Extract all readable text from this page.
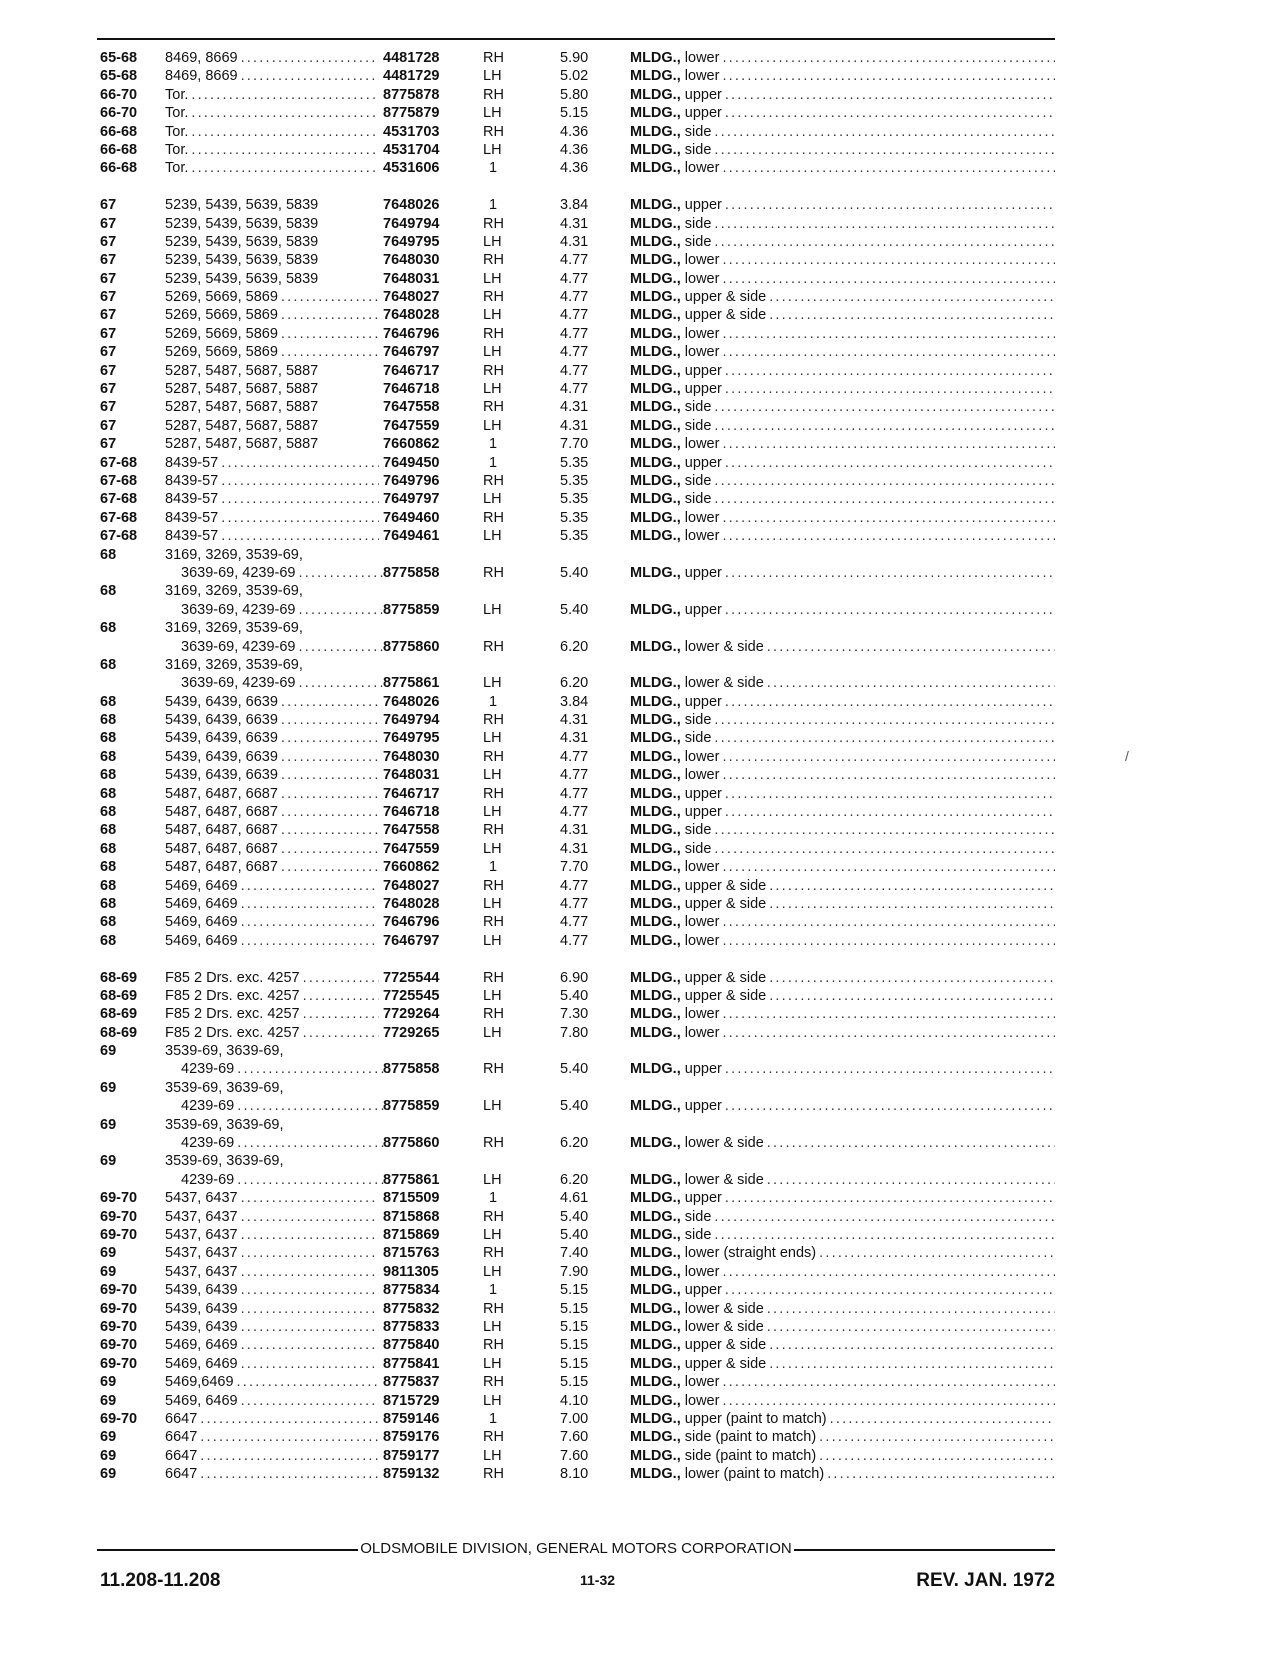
65-68	8469, 8669 .....	4481728	RH	5.90	MLDG., lower
.....
65-68	8469, 8669 .....	4481729	LH	5.02	MLDG., lower
.....
66-70	Tor. .....	8775878	RH	5.80	MLDG., upper
.....
66-70	Tor. .....	8775879	LH	5.15	MLDG., upper
.....
66-68	Tor. .....	4531703	RH	4.36	MLDG., side
.....
66-68	Tor. .....	4531704	LH	4.36	MLDG., side
.....
66-68	Tor. .....	4531606	1	4.36	MLDG., lower
.....
67	5239, 5439, 5639, 5839	7648026	1	3.84	MLDG., upper
.....
67	5239, 5439, 5639, 5839	7649794	RH	4.31	MLDG., side
.....
67	5239, 5439, 5639, 5839	7649795	LH	4.31	MLDG., side
.....
67	5239, 5439, 5639, 5839	7648030	RH	4.77	MLDG., lower
.....
67	5239, 5439, 5639, 5839	7648031	LH	4.77	MLDG., lower
.....
67	5269, 5669, 5869 .....	7648027	RH	4.77	MLDG., upper & side
.....
67	5269, 5669, 5869 .....	7648028	LH	4.77	MLDG., upper & side
.....
67	5269, 5669, 5869 .....	7646796	RH	4.77	MLDG., lower
.....
67	5269, 5669, 5869 .....	7646797	LH	4.77	MLDG., lower
.....
67	5287, 5487, 5687, 5887	7646717	RH	4.77	MLDG., upper
.....
67	5287, 5487, 5687, 5887	7646718	LH	4.77	MLDG., upper
.....
67	5287, 5487, 5687, 5887	7647558	RH	4.31	MLDG., side
.....
67	5287, 5487, 5687, 5887	7647559	LH	4.31	MLDG., side
.....
67	5287, 5487, 5687, 5887	7660862	1	7.70	MLDG., lower
.....
67-68	8439-57 .....	7649450	1	5.35	MLDG., upper
.....
67-68	8439-57 .....	7649796	RH	5.35	MLDG., side
.....
67-68	8439-57 .....	7649797	LH	5.35	MLDG., side
.....
67-68	8439-57 .....	7649460	RH	5.35	MLDG., lower
.....
67-68	8439-57 .....	7649461	LH	5.35	MLDG., lower
.....
68	3169, 3269, 3539-69,
3639-69, 4239-69 .....	8775858	RH	5.40	MLDG., upper
.....
68	3169, 3269, 3539-69,
3639-69, 4239-69 .....	8775859	LH	5.40	MLDG., upper
.....
68	3169, 3269, 3539-69,
3639-69, 4239-69 .....	8775860	RH	6.20	MLDG., lower & side
.....
68	3169, 3269, 3539-69,
3639-69, 4239-69 .....	8775861	LH	6.20	MLDG., lower & side
.....
68	5439, 6439, 6639 .....	7648026	1	3.84	MLDG., upper
.....
68	5439, 6439, 6639 .....	7649794	RH	4.31	MLDG., side
.....
68	5439, 6439, 6639 .....	7649795	LH	4.31	MLDG., side
.....
68	5439, 6439, 6639 .....	7648030	RH	4.77	MLDG., lower
.....
68	5439, 6439, 6639 .....	7648031	LH	4.77	MLDG., lower
.....
68	5487, 6487, 6687 .....	7646717	RH	4.77	MLDG., upper
.....
68	5487, 6487, 6687 .....	7646718	LH	4.77	MLDG., upper
.....
68	5487, 6487, 6687 .....	7647558	RH	4.31	MLDG., side
.....
68	5487, 6487, 6687 .....	7647559	LH	4.31	MLDG., side
.....
68	5487, 6487, 6687 .....	7660862	1	7.70	MLDG., lower
.....
68	5469, 6469 .....	7648027	RH	4.77	MLDG., upper & side
.....
68	5469, 6469 .....	7648028	LH	4.77	MLDG., upper & side
.....
68	5469, 6469 .....	7646796	RH	4.77	MLDG., lower
.....
68	5469, 6469 .....	7646797	LH	4.77	MLDG., lower
.....
68-69	F85 2 Drs. exc. 4257 .....	7725544	RH	6.90	MLDG., upper & side
.....
68-69	F85 2 Drs. exc. 4257 .....	7725545	LH	5.40	MLDG., upper & side
.....
68-69	F85 2 Drs. exc. 4257 .....	7729264	RH	7.30	MLDG., lower
.....
68-69	F85 2 Drs. exc. 4257 .....	7729265	LH	7.80	MLDG., lower
.....
69	3539-69, 3639-69,
4239-69 .....	8775858	RH	5.40	MLDG., upper
.....
69	3539-69, 3639-69,
4239-69 .....	8775859	LH	5.40	MLDG., upper
.....
69	3539-69, 3639-69,
4239-69 .....	8775860	RH	6.20	MLDG., lower & side
.....
69	3539-69, 3639-69,
4239-69 .....	8775861	LH	6.20	MLDG., lower & side
.....
69-70	5437, 6437 .....	8715509	1	4.61	MLDG., upper
.....
69-70	5437, 6437 .....	8715868	RH	5.40	MLDG., side
.....
69-70	5437, 6437 .....	8715869	LH	5.40	MLDG., side
.....
69	5437, 6437 .....	8715763	RH	7.40	MLDG., lower (straight ends)
.....
69	5437, 6437 .....	9811305	LH	7.90	MLDG., lower
.....
69-70	5439, 6439 .....	8775834	1	5.15	MLDG., upper
.....
69-70	5439, 6439 .....	8775832	RH	5.15	MLDG., lower & side
.....
69-70	5439, 6439 .....	8775833	LH	5.15	MLDG., lower & side
.....
69-70	5469, 6469 .....	8775840	RH	5.15	MLDG., upper & side
.....
69-70	5469, 6469 .....	8775841	LH	5.15	MLDG., upper & side
.....
69	5469,6469 .....	8775837	RH	5.15	MLDG., lower
.....
69	5469, 6469 .....	8715729	LH	4.10	MLDG., lower
.....
69-70	6647 .....	8759146	1	7.00	MLDG., upper (paint to match)
.....
69	6647 .....	8759176	RH	7.60	MLDG., side (paint to match)
.....
69	6647 .....	8759177	LH	7.60	MLDG., side (paint to match)
.....
69	6647 .....	8759132	RH	8.10	MLDG., lower (paint to match)
.....
OLDSMOBILE DIVISION, GENERAL MOTORS CORPORATION
11.208-11.208	11-32	REV. JAN. 1972
/
